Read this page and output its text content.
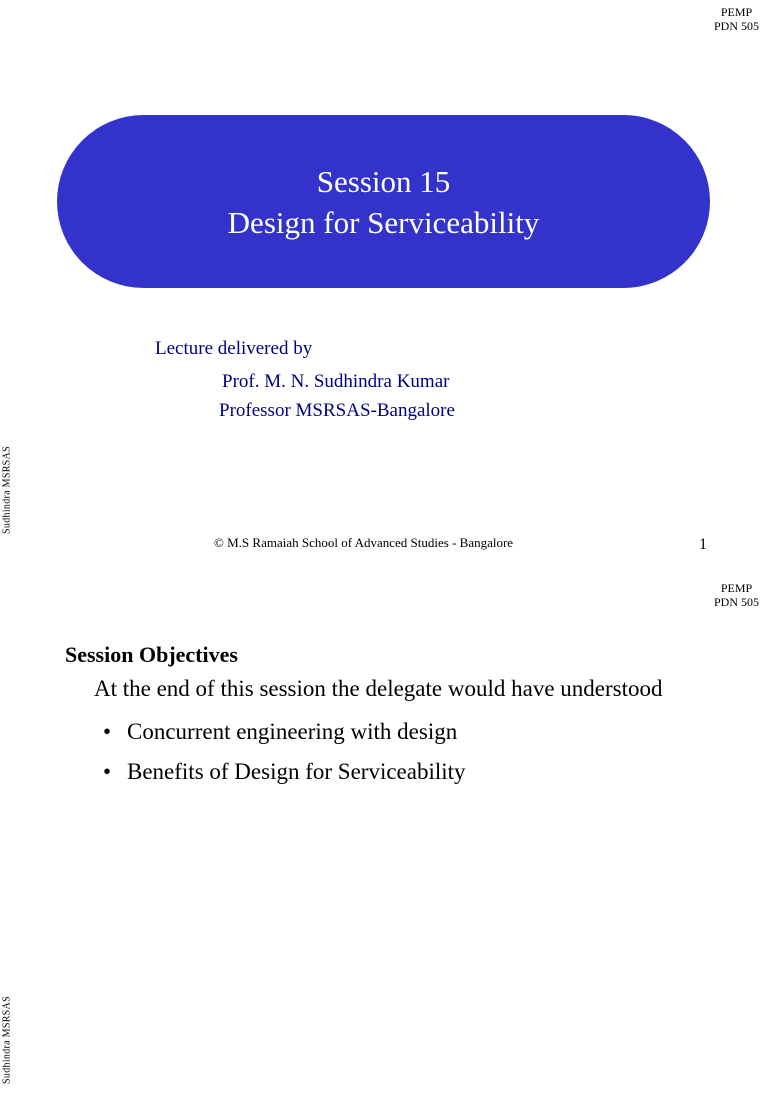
PEMP
PDN 505
Sudhindra MSRSAS
Session 15
Design for Serviceability
Lecture delivered by
Prof. M. N. Sudhindra Kumar
Professor MSRSAS-Bangalore
© M.S Ramaiah School of Advanced Studies - Bangalore	1
PEMP
PDN 505
Sudhindra MSRSAS
Session Objectives
At the end of this session the delegate would have understood
• Concurrent engineering with design
• Benefits of Design for Serviceability
